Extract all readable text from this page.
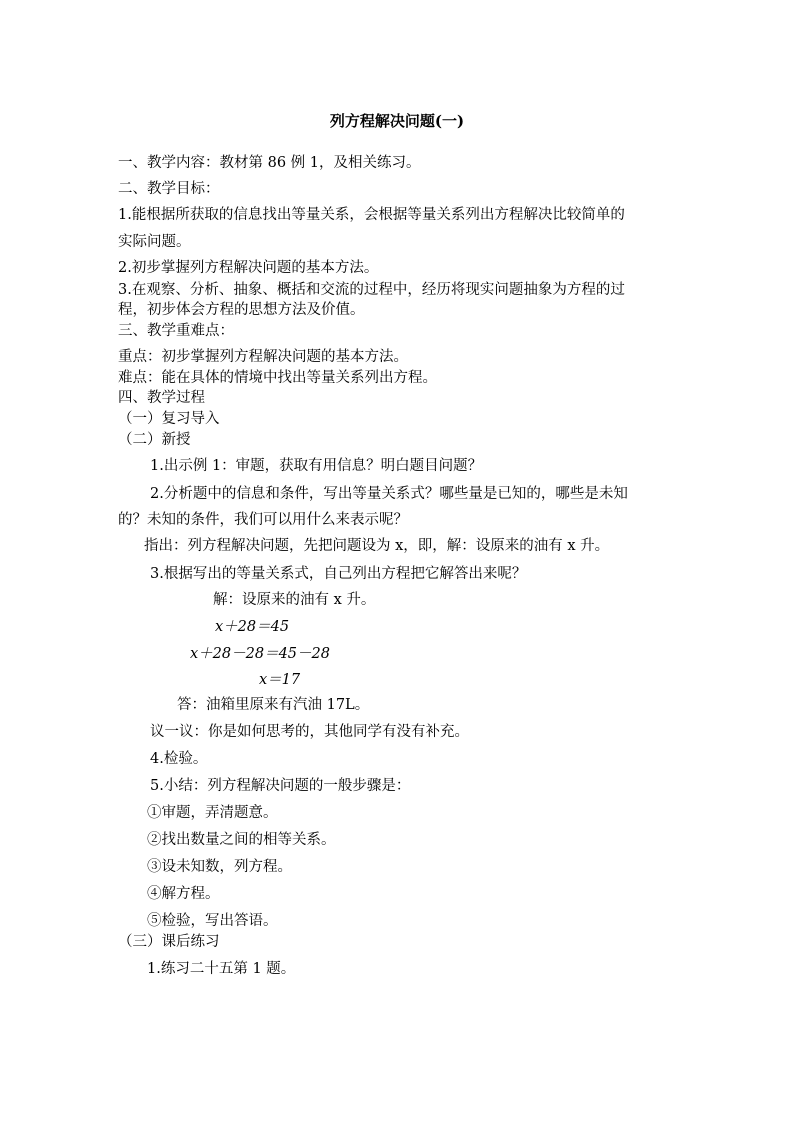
列方程解决问题(一)
一、教学内容：教材第 86 例 1，及相关练习。
二、教学目标：
1.能根据所获取的信息找出等量关系，会根据等量关系列出方程解决比较简单的
实际问题。
2.初步掌握列方程解决问题的基本方法。
3.在观察、分析、抽象、概括和交流的过程中，经历将现实问题抽象为方程的过
程，初步体会方程的思想方法及价值。
三、教学重难点：
重点：初步掌握列方程解决问题的基本方法。
难点：能在具体的情境中找出等量关系列出方程。
四、教学过程
（一）复习导入
（二）新授
1.出示例 1：审题，获取有用信息？明白题目问题？
2.分析题中的信息和条件，写出等量关系式？哪些量是已知的，哪些是未知
的？未知的条件，我们可以用什么来表示呢？
指出：列方程解决问题，先把问题设为 x，即，解：设原来的油有 x 升。
3.根据写出的等量关系式，自己列出方程把它解答出来呢？
解：设原来的油有 x 升。
x＋28＝45
x＋28－28＝45－28
x＝17
答：油箱里原来有汽油 17L。
议一议：你是如何思考的，其他同学有没有补充。
4.检验。
5.小结：列方程解决问题的一般步骤是：
①审题，弄清题意。
②找出数量之间的相等关系。
③设未知数，列方程。
④解方程。
⑤检验，写出答语。
（三）课后练习
1.练习二十五第 1 题。
